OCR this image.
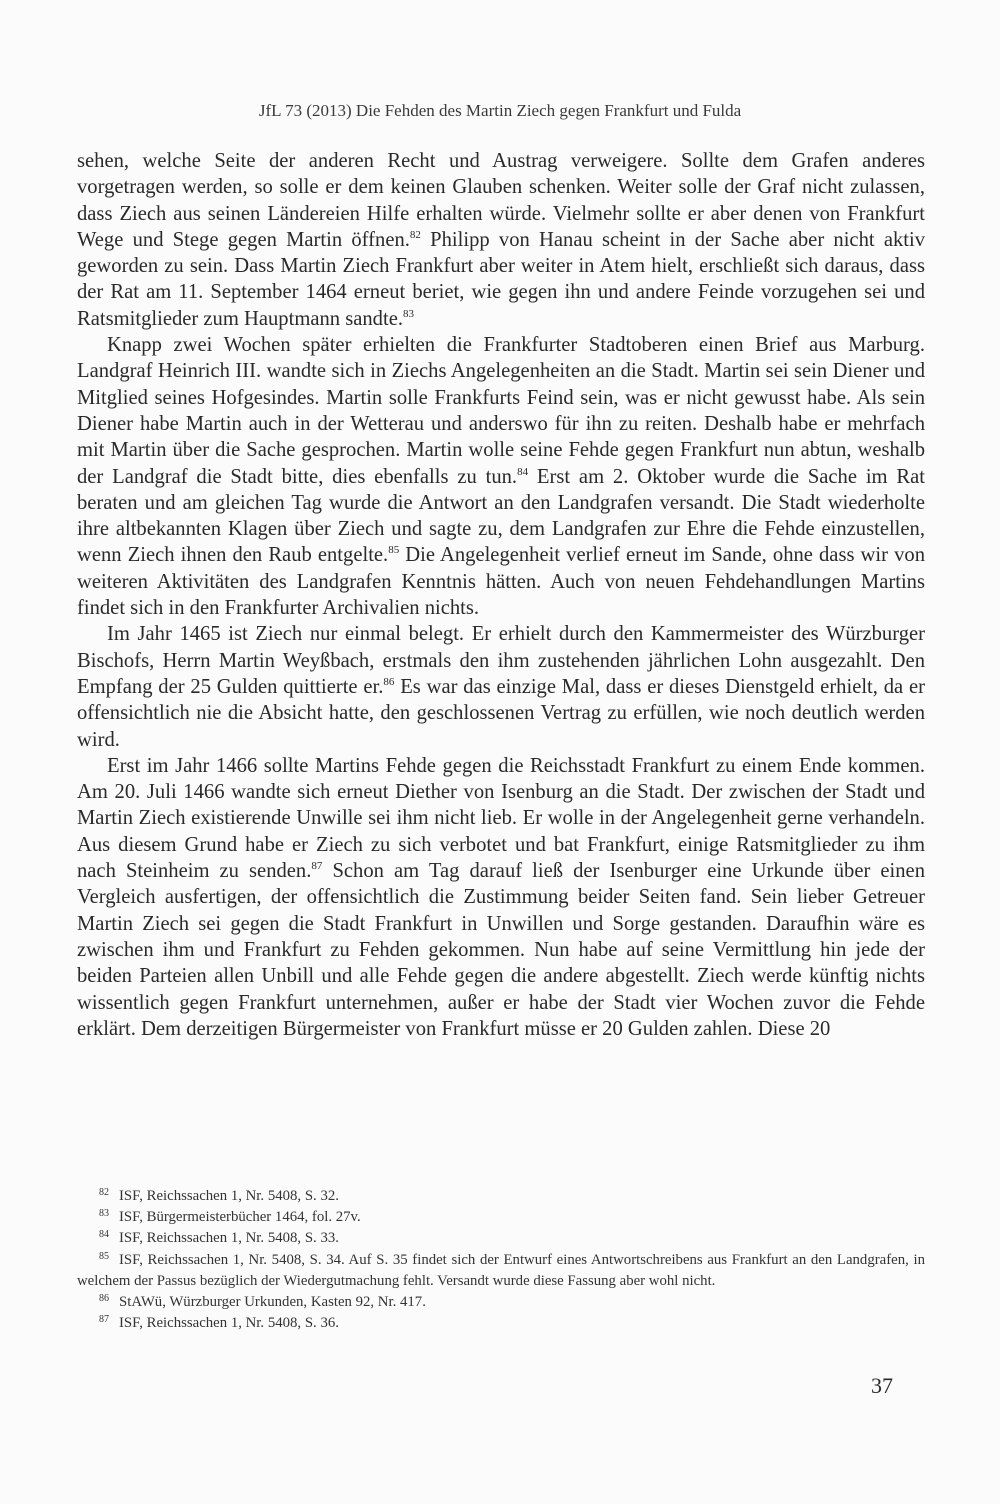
JfL 73 (2013) Die Fehden des Martin Ziech gegen Frankfurt und Fulda

sehen, welche Seite der anderen Recht und Austrag verweigere. Sollte dem Grafen anderes vorgetragen werden, so solle er dem keinen Glauben schenken. Weiter solle der Graf nicht zulassen, dass Ziech aus seinen Ländereien Hilfe erhalten würde. Vielmehr sollte er aber denen von Frankfurt Wege und Stege gegen Martin öffnen.$^{82}$ Philipp von Hanau scheint in der Sache aber nicht aktiv geworden zu sein. Dass Martin Ziech Frankfurt aber weiter in Atem hielt, erschließt sich daraus, dass der Rat am 11. September 1464 erneut beriet, wie gegen ihn und andere Feinde vorzugehen sei und Ratsmitglieder zum Hauptmann sandte.$^{83}$

Knapp zwei Wochen später erhielten die Frankfurter Stadtoberen einen Brief aus Marburg. Landgraf Heinrich III. wandte sich in Ziechs Angelegenheiten an die Stadt. Martin sei sein Diener und Mitglied seines Hofgesindes. Martin solle Frankfurts Feind sein, was er nicht gewusst habe. Als sein Diener habe Martin auch in der Wetterau und anderswo für ihn zu reiten. Deshalb habe er mehrfach mit Martin über die Sache gesprochen. Martin wolle seine Fehde gegen Frankfurt nun abtun, weshalb der Landgraf die Stadt bitte, dies ebenfalls zu tun.$^{84}$ Erst am 2. Oktober wurde die Sache im Rat beraten und am gleichen Tag wurde die Antwort an den Landgrafen versandt. Die Stadt wiederholte ihre altbekannten Klagen über Ziech und sagte zu, dem Landgrafen zur Ehre die Fehde einzustellen, wenn Ziech ihnen den Raub entgelte.$^{85}$ Die Angelegenheit verlief erneut im Sande, ohne dass wir von weiteren Aktivitäten des Landgrafen Kenntnis hätten. Auch von neuen Fehdehandlungen Martins findet sich in den Frankfurter Archivalien nichts.

Im Jahr 1465 ist Ziech nur einmal belegt. Er erhielt durch den Kammermeister des Würzburger Bischofs, Herrn Martin Weyßbach, erstmals den ihm zustehenden jährlichen Lohn ausgezahlt. Den Empfang der 25 Gulden quittierte er.$^{86}$ Es war das einzige Mal, dass er dieses Dienstgeld erhielt, da er offensichtlich nie die Absicht hatte, den geschlossenen Vertrag zu erfüllen, wie noch deutlich werden wird.

Erst im Jahr 1466 sollte Martins Fehde gegen die Reichsstadt Frankfurt zu einem Ende kommen. Am 20. Juli 1466 wandte sich erneut Diether von Isenburg an die Stadt. Der zwischen der Stadt und Martin Ziech existierende Unwille sei ihm nicht lieb. Er wolle in der Angelegenheit gerne verhandeln. Aus diesem Grund habe er Ziech zu sich verbotet und bat Frankfurt, einige Ratsmitglieder zu ihm nach Steinheim zu senden.$^{87}$ Schon am Tag darauf ließ der Isenburger eine Urkunde über einen Vergleich ausfertigen, der offensichtlich die Zustimmung beider Seiten fand. Sein lieber Getreuer Martin Ziech sei gegen die Stadt Frankfurt in Unwillen und Sorge gestanden. Daraufhin wäre es zwischen ihm und Frankfurt zu Fehden gekommen. Nun habe auf seine Vermittlung hin jede der beiden Parteien allen Unbill und alle Fehde gegen die andere abgestellt. Ziech werde künftig nichts wissentlich gegen Frankfurt unternehmen, außer er habe der Stadt vier Wochen zuvor die Fehde erklärt. Dem derzeitigen Bürgermeister von Frankfurt müsse er 20 Gulden zahlen. Diese 20

$^{82}$ ISF, Reichssachen 1, Nr. 5408, S. 32.

$^{83}$ ISF, Bürgermeisterbücher 1464, fol. 27v.

$^{84}$ ISF, Reichssachen 1, Nr. 5408, S. 33.

$^{85}$ ISF, Reichssachen 1, Nr. 5408, S. 34. Auf S. 35 findet sich der Entwurf eines Antwortschreibens aus Frankfurt an den Landgrafen, in welchem der Passus bezüglich der Wiedergutmachung fehlt. Versandt wurde diese Fassung aber wohl nicht.

$^{86}$ StAWü, Würzburger Urkunden, Kasten 92, Nr. 417.

$^{87}$ ISF, Reichssachen 1, Nr. 5408, S. 36.

37
